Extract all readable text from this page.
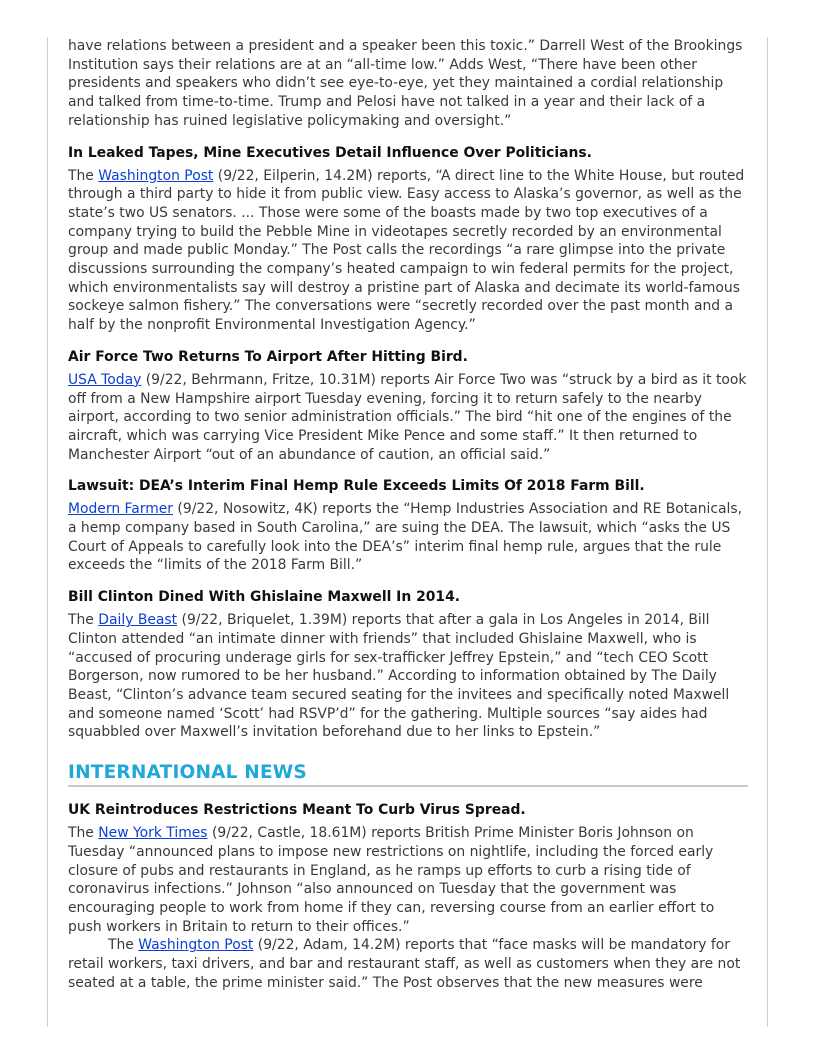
have relations between a president and a speaker been this toxic.” Darrell West of the Brookings Institution says their relations are at an “all-time low.” Adds West, “There have been other presidents and speakers who didn’t see eye-to-eye, yet they maintained a cordial relationship and talked from time-to-time. Trump and Pelosi have not talked in a year and their lack of a relationship has ruined legislative policymaking and oversight.”

In Leaked Tapes, Mine Executives Detail Influence Over Politicians.

The Washington Post (9/22, Eilperin, 14.2M) reports, “A direct line to the White House, but routed through a third party to hide it from public view. Easy access to Alaska’s governor, as well as the state’s two US senators. ... Those were some of the boasts made by two top executives of a company trying to build the Pebble Mine in videotapes secretly recorded by an environmental group and made public Monday.” The Post calls the recordings “a rare glimpse into the private discussions surrounding the company’s heated campaign to win federal permits for the project, which environmentalists say will destroy a pristine part of Alaska and decimate its world-famous sockeye salmon fishery.” The conversations were “secretly recorded over the past month and a half by the nonprofit Environmental Investigation Agency.”

Air Force Two Returns To Airport After Hitting Bird.

USA Today (9/22, Behrmann, Fritze, 10.31M) reports Air Force Two was “struck by a bird as it took off from a New Hampshire airport Tuesday evening, forcing it to return safely to the nearby airport, according to two senior administration officials.” The bird “hit one of the engines of the aircraft, which was carrying Vice President Mike Pence and some staff.” It then returned to Manchester Airport “out of an abundance of caution, an official said.”

Lawsuit: DEA’s Interim Final Hemp Rule Exceeds Limits Of 2018 Farm Bill.

Modern Farmer (9/22, Nosowitz, 4K) reports the “Hemp Industries Association and RE Botanicals, a hemp company based in South Carolina,” are suing the DEA. The lawsuit, which “asks the US Court of Appeals to carefully look into the DEA’s” interim final hemp rule, argues that the rule exceeds the “limits of the 2018 Farm Bill.”

Bill Clinton Dined With Ghislaine Maxwell In 2014.

The Daily Beast (9/22, Briquelet, 1.39M) reports that after a gala in Los Angeles in 2014, Bill Clinton attended “an intimate dinner with friends” that included Ghislaine Maxwell, who is “accused of procuring underage girls for sex-trafficker Jeffrey Epstein,” and “tech CEO Scott Borgerson, now rumored to be her husband.” According to information obtained by The Daily Beast, “Clinton’s advance team secured seating for the invitees and specifically noted Maxwell and someone named ‘Scott’ had RSVP’d” for the gathering. Multiple sources “say aides had squabbled over Maxwell’s invitation beforehand due to her links to Epstein.”

INTERNATIONAL NEWS
UK Reintroduces Restrictions Meant To Curb Virus Spread.

The New York Times (9/22, Castle, 18.61M) reports British Prime Minister Boris Johnson on Tuesday “announced plans to impose new restrictions on nightlife, including the forced early closure of pubs and restaurants in England, as he ramps up efforts to curb a rising tide of coronavirus infections.” Johnson “also announced on Tuesday that the government was encouraging people to work from home if they can, reversing course from an earlier effort to push workers in Britain to return to their offices.”

The Washington Post (9/22, Adam, 14.2M) reports that “face masks will be mandatory for retail workers, taxi drivers, and bar and restaurant staff, as well as customers when they are not seated at a table, the prime minister said.” The Post observes that the new measures were
